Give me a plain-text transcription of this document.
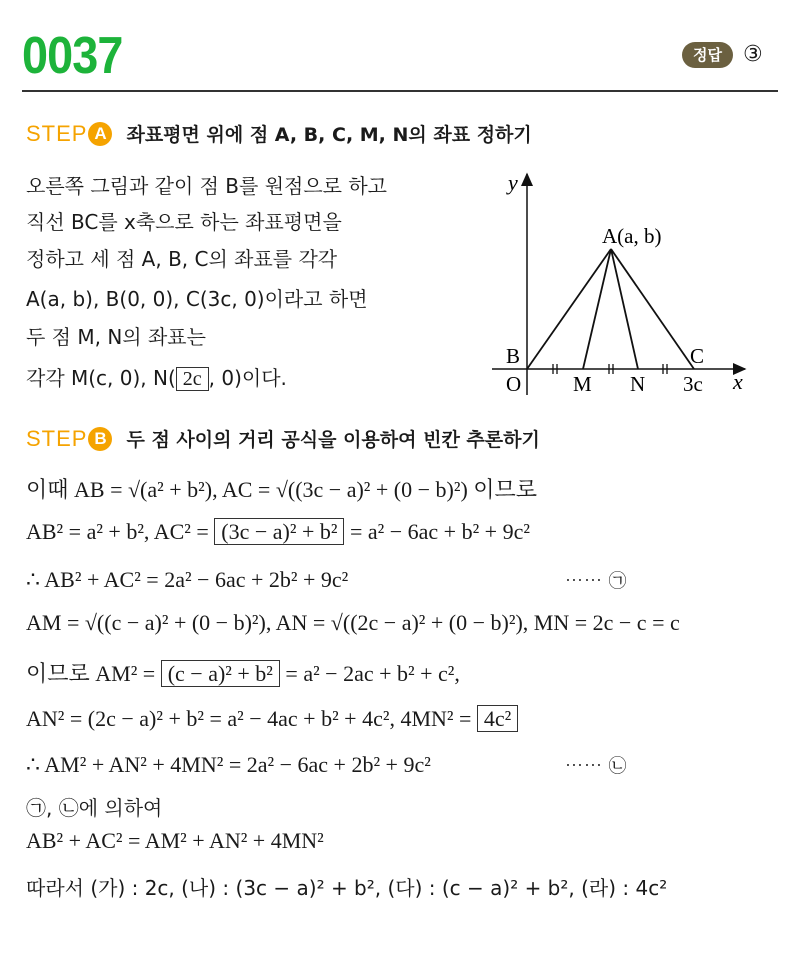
0037	정답 ③
STEP A	좌표평면 위에 점 A, B, C, M, N의 좌표 정하기
오른쪽 그림과 같이 점 B를 원점으로 하고
직선 BC를 x축으로 하는 좌표평면을
정하고 세 점 A, B, C의 좌표를 각각
A(a, b), B(0, 0), C(3c, 0)이라고 하면
두 점 M, N의 좌표는
각각 M(c, 0), N( 2c , 0)이다.
y
A(a, b)
B	C
O M N 3c x
STEP B	두 점 사이의 거리 공식을 이용하여 빈칸 추론하기
이때 AB = √(a² + b²), AC = √((3c − a)² + (0 − b)²) 이므로
AB² = a² + b², AC² = (3c − a)² + b² = a² − 6ac + b² + 9c²
∴ AB² + AC² = 2a² − 6ac + 2b² + 9c²	⋯⋯ ㉠
AM = √((c − a)² + (0 − b)²), AN = √((2c − a)² + (0 − b)²), MN = 2c − c = c
이므로 AM² = (c − a)² + b² = a² − 2ac + b² + c²,
AN² = (2c − a)² + b² = a² − 4ac + b² + 4c², 4MN² = 4c²
∴ AM² + AN² + 4MN² = 2a² − 6ac + 2b² + 9c²	⋯⋯ ㉡
㉠, ㉡에 의하여
AB² + AC² = AM² + AN² + 4MN²
따라서 (가) : 2c, (나) : (3c − a)² + b², (다) : (c − a)² + b², (라) : 4c²
